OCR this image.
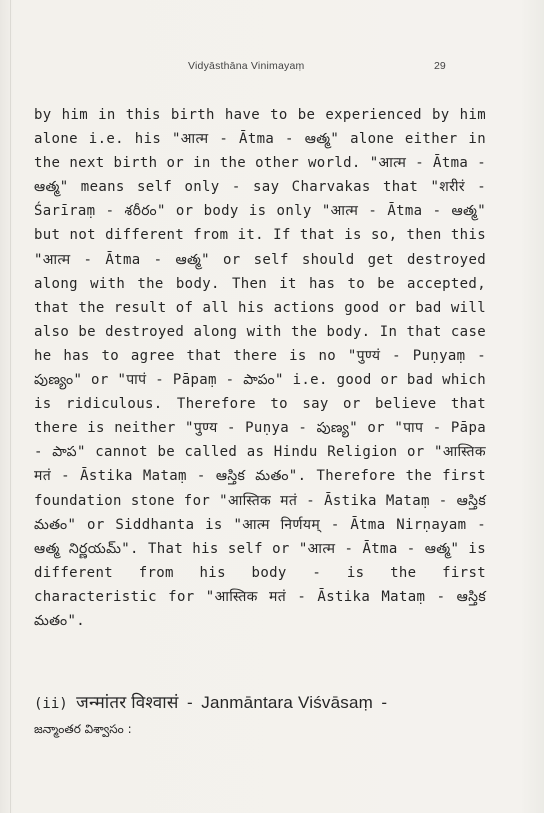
Vidyāsthāna Vinimayaṃ	29

by him in this birth have to be experienced by him alone i.e. his "आत्म - Ātma - ఆత్మ" alone either in the next birth or in the other world. "आत्म - Ātma - ఆత్మ" means self only - say Charvakas that "शरीरं - Śarīraṃ - శరీరం" or body is only "आत्म - Ātma - ఆత్మ" but not different from it. If that is so, then this "आत्म - Ātma - ఆత్మ" or self should get destroyed along with the body. Then it has to be accepted, that the result of all his actions good or bad will also be destroyed along with the body. In that case he has to agree that there is no "पुण्यं - Puṇyaṃ - పుణ్యం" or "पापं - Pāpaṃ - పాపం" i.e. good or bad which is ridiculous. Therefore to say or believe that there is neither "पुण्य - Puṇya - పుణ్య" or "पाप - Pāpa - పాప" cannot be called as Hindu Religion or "आस्तिक मतं - Āstika Mataṃ - ఆస్తిక మతం". Therefore the first foundation stone for "आस्तिक मतं - Āstika Mataṃ - ఆస్తిక మతం" or Siddhanta is "आत्म निर्णयम् - Ātma Nirṇayam - ఆత్మ నిర్ణయమ్". That his self or "आत्म - Ātma - ఆత్మ" is different from his body - is the first characteristic for "आस्तिक मतं - Āstika Mataṃ - ఆస్తిక మతం".

(ii) जन्मांतर विश्वासं - Janmāntara Viśvāsaṃ -
జన్మాంతర విశ్వాసం :
